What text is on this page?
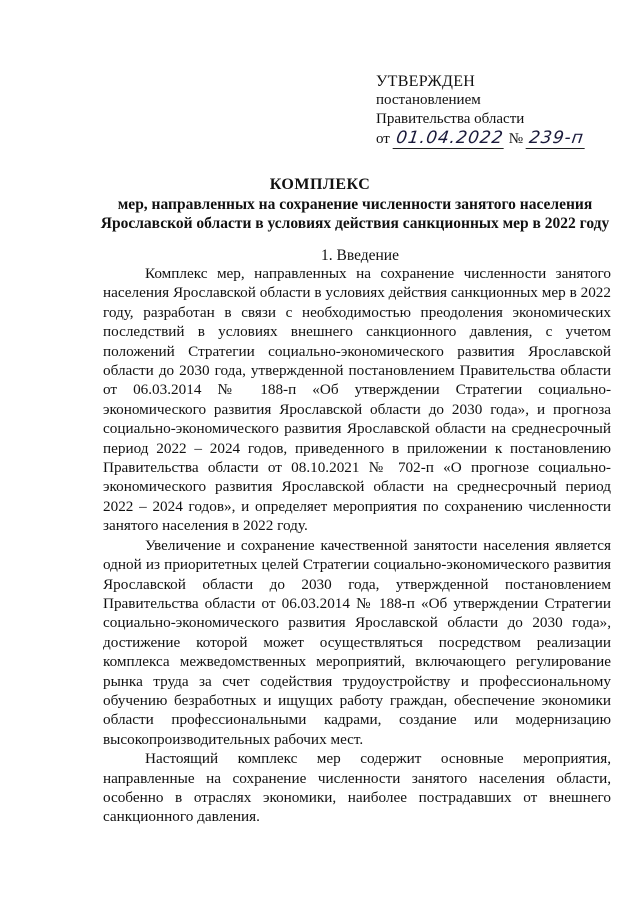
УТВЕРЖДЕН
постановлением
Правительства области
от 01.04.2022 № 239-п
КОМПЛЕКС
мер, направленных на сохранение численности занятого населения Ярославской области в условиях действия санкционных мер в 2022 году
1. Введение

Комплекс мер, направленных на сохранение численности занятого населения Ярославской области в условиях действия санкционных мер в 2022 году, разработан в связи с необходимостью преодоления экономических последствий в условиях внешнего санкционного давления, с учетом положений Стратегии социально-экономического развития Ярославской области до 2030 года, утвержденной постановлением Правительства области от 06.03.2014 № 188-п «Об утверждении Стратегии социально-экономического развития Ярославской области до 2030 года», и прогноза социально-экономического развития Ярославской области на среднесрочный период 2022 – 2024 годов, приведенного в приложении к постановлению Правительства области от 08.10.2021 № 702-п «О прогнозе социально-экономического развития Ярославской области на среднесрочный период 2022 – 2024 годов», и определяет мероприятия по сохранению численности занятого населения в 2022 году.

Увеличение и сохранение качественной занятости населения является одной из приоритетных целей Стратегии социально-экономического развития Ярославской области до 2030 года, утвержденной постановлением Правительства области от 06.03.2014 № 188-п «Об утверждении Стратегии социально-экономического развития Ярославской области до 2030 года», достижение которой может осуществляться посредством реализации комплекса межведомственных мероприятий, включающего регулирование рынка труда за счет содействия трудоустройству и профессиональному обучению безработных и ищущих работу граждан, обеспечение экономики области профессиональными кадрами, создание или модернизацию высокопроизводительных рабочих мест.

Настоящий комплекс мер содержит основные мероприятия, направленные на сохранение численности занятого населения области, особенно в отраслях экономики, наиболее пострадавших от внешнего санкционного давления.
